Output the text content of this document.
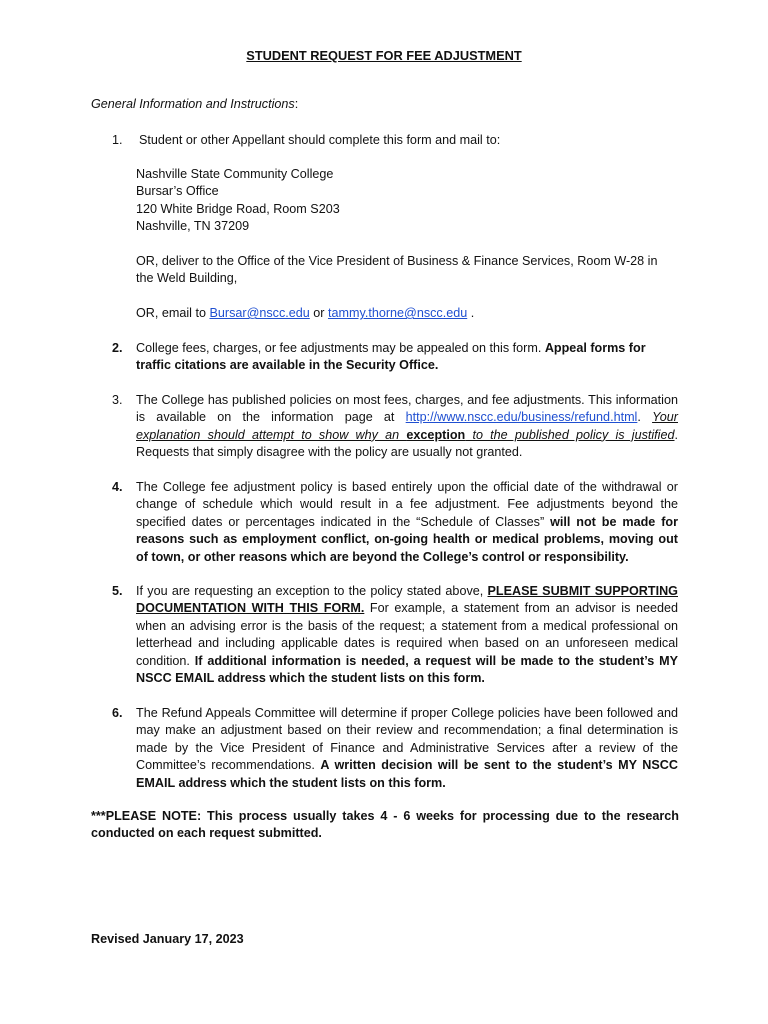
STUDENT REQUEST FOR FEE ADJUSTMENT
General Information and Instructions:
1.	Student or other Appellant should complete this form and mail to:
Nashville State Community College
Bursar’s Office
120 White Bridge Road, Room S203
Nashville, TN 37209
OR, deliver to the Office of the Vice President of Business & Finance Services, Room W-28 in the Weld Building,
OR, email to Bursar@nscc.edu or tammy.thorne@nscc.edu .
2.	College fees, charges, or fee adjustments may be appealed on this form. Appeal forms for traffic citations are available in the Security Office.
3.	The College has published policies on most fees, charges, and fee adjustments. This information is available on the information page at http://www.nscc.edu/business/refund.html. Your explanation should attempt to show why an exception to the published policy is justified. Requests that simply disagree with the policy are usually not granted.
4.	The College fee adjustment policy is based entirely upon the official date of the withdrawal or change of schedule which would result in a fee adjustment. Fee adjustments beyond the specified dates or percentages indicated in the “Schedule of Classes” will not be made for reasons such as employment conflict, on-going health or medical problems, moving out of town, or other reasons which are beyond the College’s control or responsibility.
5.	If you are requesting an exception to the policy stated above, PLEASE SUBMIT SUPPORTING DOCUMENTATION WITH THIS FORM. For example, a statement from an advisor is needed when an advising error is the basis of the request; a statement from a medical professional on letterhead and including applicable dates is required when based on an unforeseen medical condition. If additional information is needed, a request will be made to the student’s MY NSCC EMAIL address which the student lists on this form.
6.	The Refund Appeals Committee will determine if proper College policies have been followed and may make an adjustment based on their review and recommendation; a final determination is made by the Vice President of Finance and Administrative Services after a review of the Committee’s recommendations. A written decision will be sent to the student’s MY NSCC EMAIL address which the student lists on this form.
***PLEASE NOTE: This process usually takes 4 - 6 weeks for processing due to the research conducted on each request submitted.
Revised January 17, 2023
